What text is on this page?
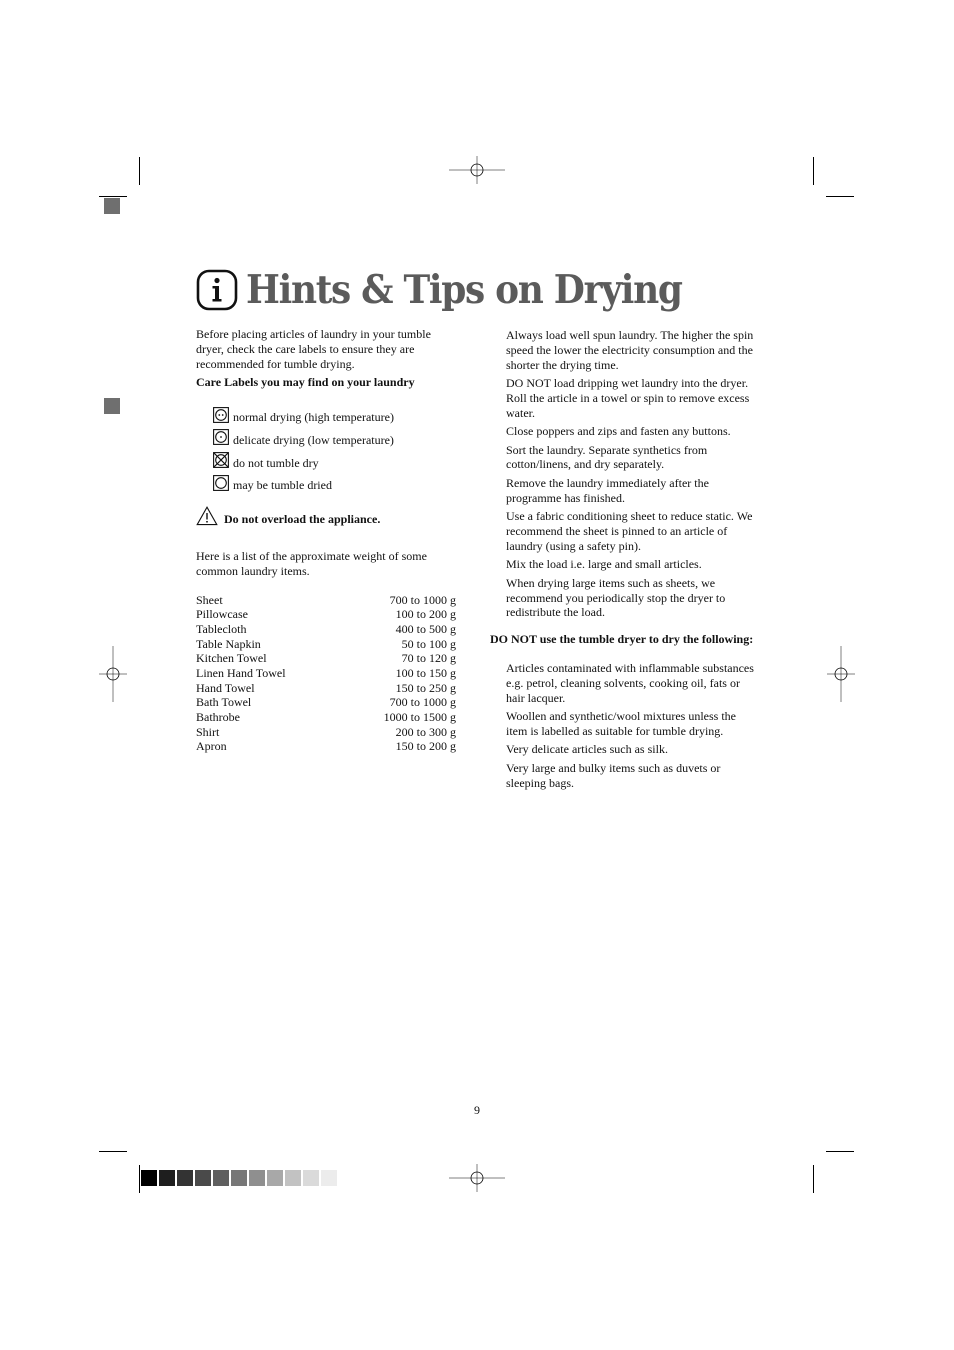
Hints & Tips on Drying

Before placing articles of laundry in your tumble dryer, check the care labels to ensure they are recommended for tumble drying.

Care Labels you may find on your laundry

normal drying (high temperature)
delicate drying (low temperature)
do not tumble dry
may be tumble dried
Do not overload the appliance.

Here is a list of the approximate weight of some common laundry items.

Sheet	700 to 1000 g
Pillowcase	100 to 200 g
Tablecloth	400 to 500 g
Table Napkin	50 to 100 g
Kitchen Towel	70 to 120 g
Linen Hand Towel	100 to 150 g
Hand Towel	150 to 250 g
Bath Towel	700 to 1000 g
Bathrobe	1000 to 1500 g
Shirt	200 to 300 g
Apron	150 to 200 g

Always load well spun laundry. The higher the spin speed the lower the electricity consumption and the shorter the drying time.

DO NOT load dripping wet laundry into the dryer. Roll the article in a towel or spin to remove excess water.

Close poppers and zips and fasten any buttons.

Sort the laundry. Separate synthetics from cotton/linens, and dry separately.

Remove the laundry immediately after the programme has finished.

Use a fabric conditioning sheet to reduce static. We recommend the sheet is pinned to an article of laundry (using a safety pin).

Mix the load i.e. large and small articles.

When drying large items such as sheets, we recommend you periodically stop the dryer to redistribute the load.

DO NOT use the tumble dryer to dry the following:

Articles contaminated with inflammable substances e.g. petrol, cleaning solvents, cooking oil, fats or hair lacquer.

Woollen and synthetic/wool mixtures unless the item is labelled as suitable for tumble drying.

Very delicate articles such as silk.

Very large and bulky items such as duvets or sleeping bags.

9
